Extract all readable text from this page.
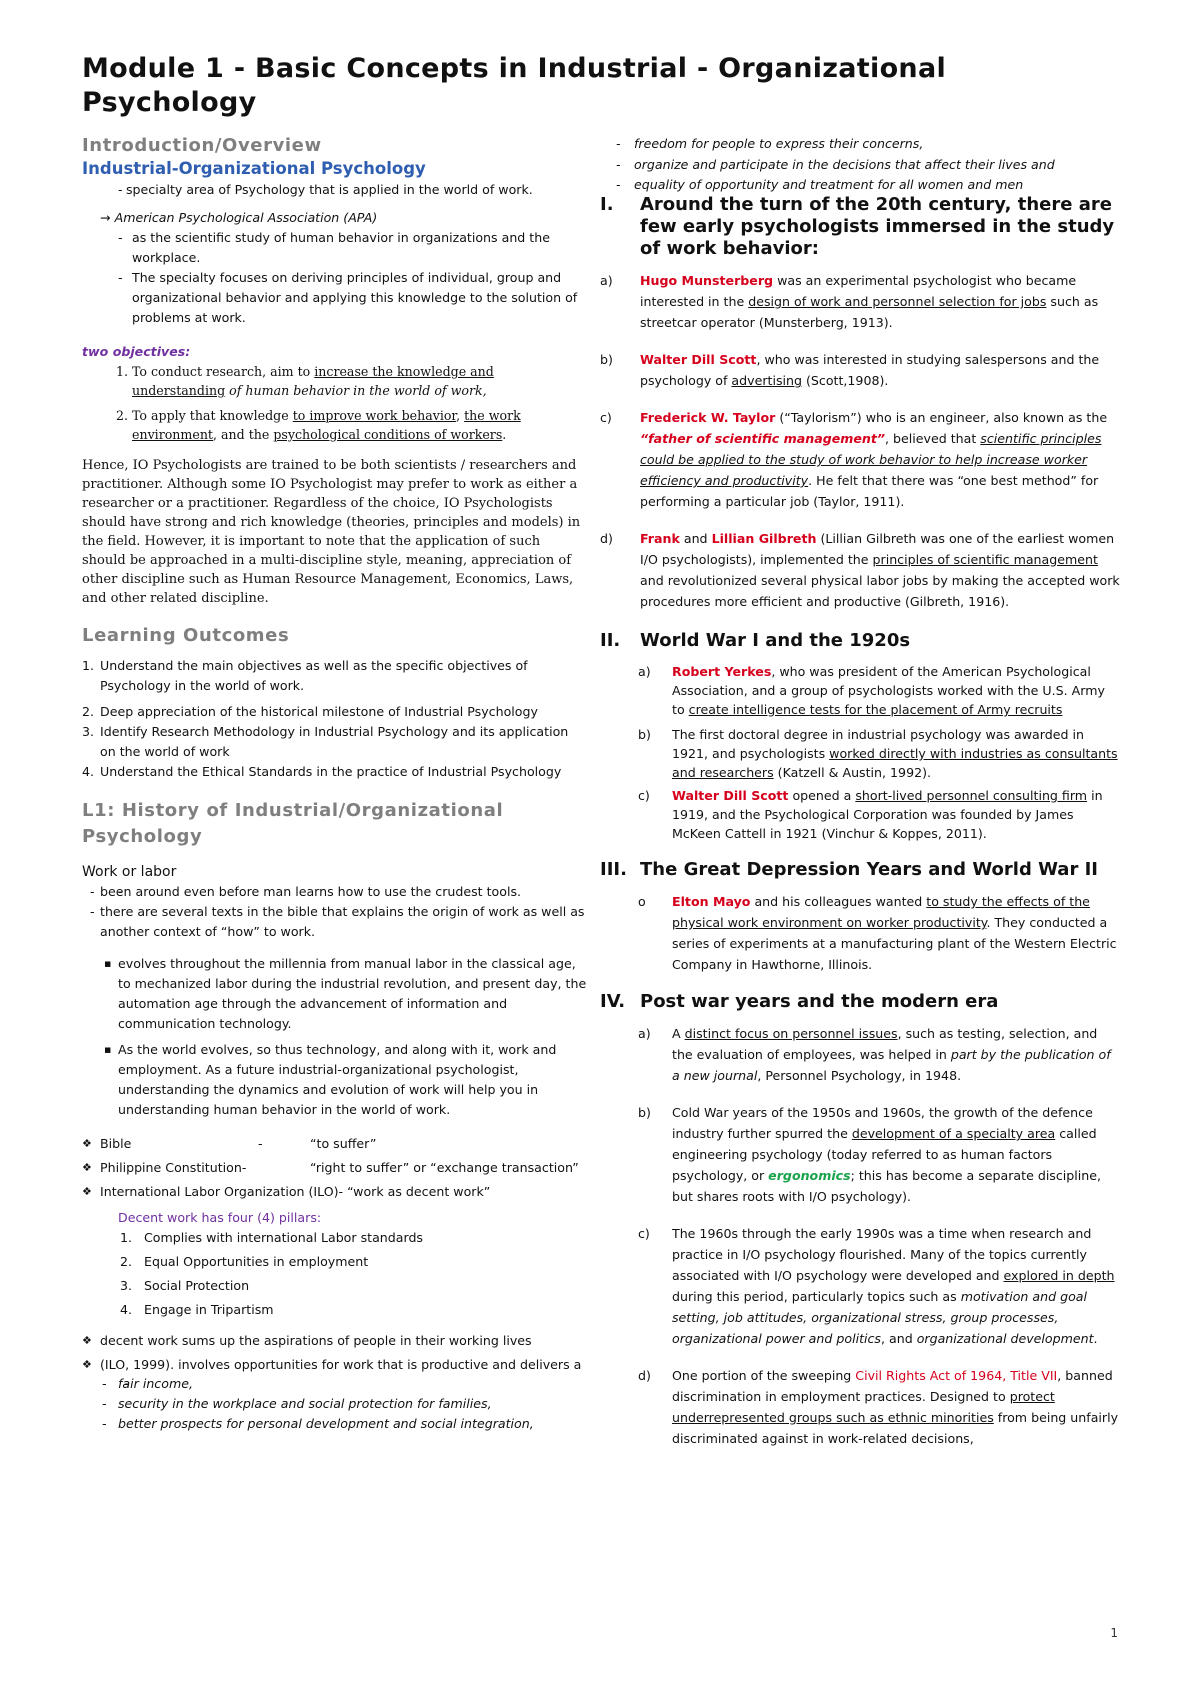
Module 1 - Basic Concepts in Industrial - Organizational Psychology

Introduction/Overview

Industrial-Organizational Psychology

- specialty area of Psychology that is applied in the world of work.

→ American Psychological Association (APA)

- as the scientific study of human behavior in organizations and the workplace.

- The specialty focuses on deriving principles of individual, group and organizational behavior and applying this knowledge to the solution of problems at work.

two objectives:

1. To conduct research, aim to increase the knowledge and understanding of human behavior in the world of work,

2. To apply that knowledge to improve work behavior, the work environment, and the psychological conditions of workers.

Hence, IO Psychologists are trained to be both scientists / researchers and practitioner. Although some IO Psychologist may prefer to work as either a researcher or a practitioner. Regardless of the choice, IO Psychologists should have strong and rich knowledge (theories, principles and models) in the field. However, it is important to note that the application of such should be approached in a multi-discipline style, meaning, appreciation of other discipline such as Human Resource Management, Economics, Laws, and other related discipline.

Learning Outcomes

1. Understand the main objectives as well as the specific objectives of Psychology in the world of work.

2. Deep appreciation of the historical milestone of Industrial Psychology

3. Identify Research Methodology in Industrial Psychology and its application on the world of work

4. Understand the Ethical Standards in the practice of Industrial Psychology

L1: History of Industrial/Organizational Psychology

Work or labor

- - been around even before man learns how to use the crudest tools.

- there are several texts in the bible that explains the origin of work as well as another context of “how” to work.

▪ evolves throughout the millennia from manual labor in the classical age, to mechanized labor during the industrial revolution, and present day, the automation age through the advancement of information and communication technology.

▪ As the world evolves, so thus technology, and along with it, work and employment. As a future industrial-organizational psychologist, understanding the dynamics and evolution of work will help you in understanding human behavior in the world of work.

❖ Bible	-	“to suffer”

❖ Philippine Constitution-	“right to suffer” or “exchange transaction”

❖ International Labor Organization (ILO)- “work as decent work”

Decent work has four (4) pillars:

1. Complies with international Labor standards

2. Equal Opportunities in employment

3. Social Protection

4. Engage in Tripartism

❖ decent work sums up the aspirations of people in their working lives

❖ (ILO, 1999). involves opportunities for work that is productive and delivers a

- - fair income,

- security in the workplace and social protection for families,

- better prospects for personal development and social integration,

- freedom for people to express their concerns,

- organize and participate in the decisions that affect their lives and

- equality of opportunity and treatment for all women and men

I. Around the turn of the 20th century, there are few early psychologists immersed in the study of work behavior:

a) Hugo Munsterberg was an experimental psychologist who became interested in the design of work and personnel selection for jobs such as streetcar operator (Munsterberg, 1913).

b) Walter Dill Scott, who was interested in studying salespersons and the psychology of advertising (Scott,1908).

c) Frederick W. Taylor (“Taylorism”) who is an engineer, also known as the “father of scientific management”, believed that scientific principles could be applied to the study of work behavior to help increase worker efficiency and productivity. He felt that there was “one best method” for performing a particular job (Taylor, 1911).

d) Frank and Lillian Gilbreth (Lillian Gilbreth was one of the earliest women I/O psychologists), implemented the principles of scientific management and revolutionized several physical labor jobs by making the accepted work procedures more efficient and productive (Gilbreth, 1916).

II. World War I and the 1920s

a) Robert Yerkes, who was president of the American Psychological Association, and a group of psychologists worked with the U.S. Army to create intelligence tests for the placement of Army recruits

b) The first doctoral degree in industrial psychology was awarded in 1921, and psychologists worked directly with industries as consultants and researchers (Katzell & Austin, 1992).

c) Walter Dill Scott opened a short-lived personnel consulting firm in 1919, and the Psychological Corporation was founded by James McKeen Cattell in 1921 (Vinchur & Koppes, 2011).

III. The Great Depression Years and World War II

o Elton Mayo and his colleagues wanted to study the effects of the physical work environment on worker productivity. They conducted a series of experiments at a manufacturing plant of the Western Electric Company in Hawthorne, Illinois.

IV. Post war years and the modern era

a) A distinct focus on personnel issues, such as testing, selection, and the evaluation of employees, was helped in part by the publication of a new journal, Personnel Psychology, in 1948.

b) Cold War years of the 1950s and 1960s, the growth of the defence industry further spurred the development of a specialty area called engineering psychology (today referred to as human factors psychology, or ergonomics; this has become a separate discipline, but shares roots with I/O psychology).

c) The 1960s through the early 1990s was a time when research and practice in I/O psychology flourished. Many of the topics currently associated with I/O psychology were developed and explored in depth during this period, particularly topics such as motivation and goal setting, job attitudes, organizational stress, group processes, organizational power and politics, and organizational development.

d) One portion of the sweeping Civil Rights Act of 1964, Title VII, banned discrimination in employment practices. Designed to protect underrepresented groups such as ethnic minorities from being unfairly discriminated against in work-related decisions,

1
